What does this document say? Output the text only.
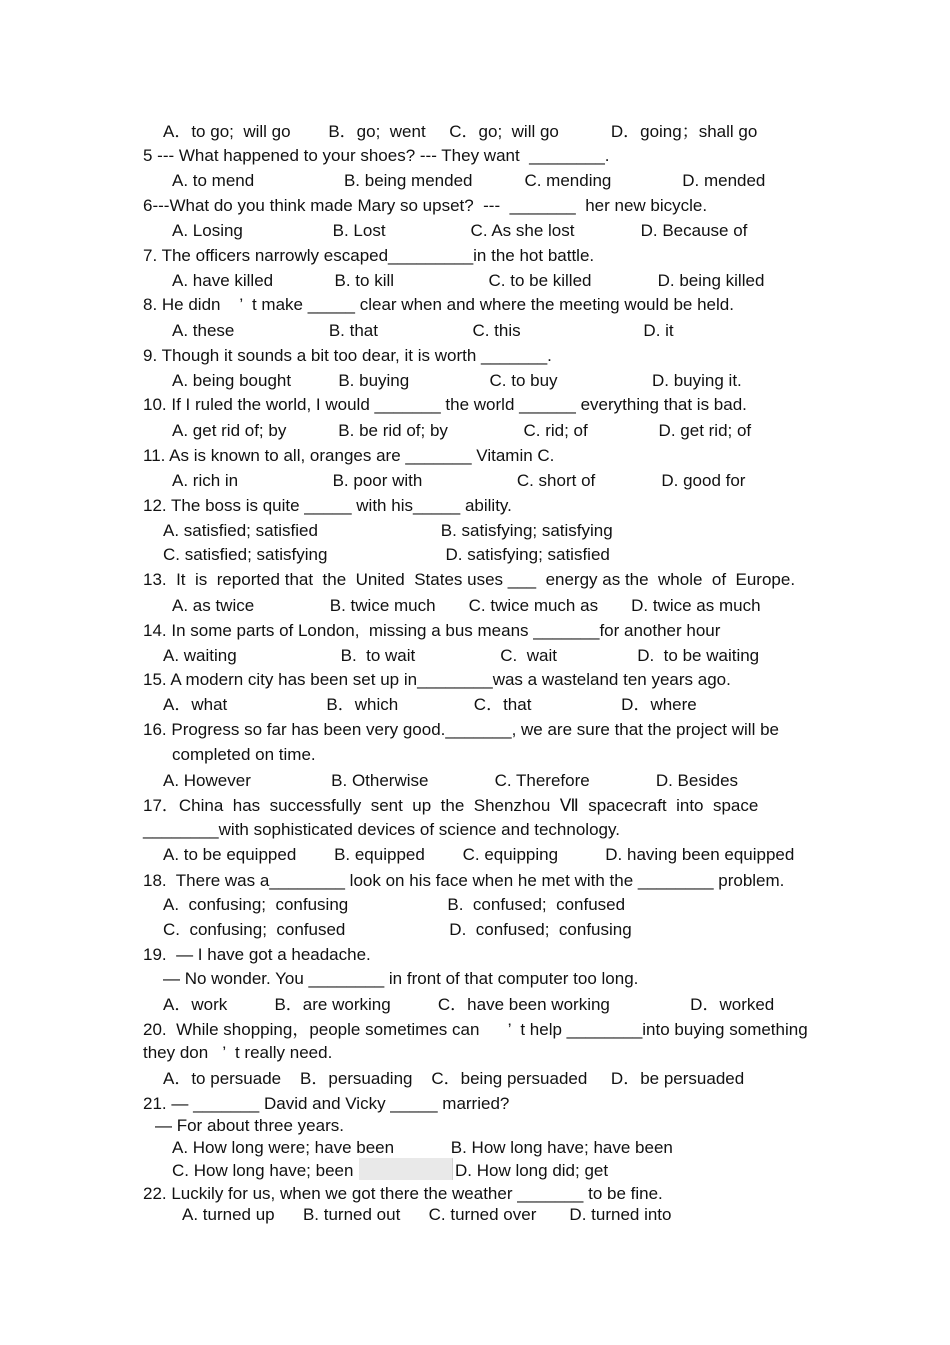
A．to go;  will go        B．go;  went     C．go;  will go           D．going；shall go
5 --- What happened to your shoes? --- They want  ________.
A. to mend                   B. being mended           C. mending               D. mended
6---What do you think made Mary so upset?  ---  _______  her new bicycle.
A. Losing                   B. Lost                  C. As she lost              D. Because of
7. The officers narrowly escaped_________in the hot battle.
A. have killed             B. to kill                    C. to be killed              D. being killed
8. He didn    ’  t make _____ clear when and where the meeting would be held.
A. these                    B. that                    C. this                          D. it
9. Though it sounds a bit too dear, it is worth _______.
A. being bought          B. buying                 C. to buy                    D. buying it.
10. If I ruled the world, I would _______ the world ______ everything that is bad.
A. get rid of; by           B. be rid of; by                C. rid; of               D. get rid; of
11. As is known to all, oranges are _______ Vitamin C.
A. rich in                    B. poor with                    C. short of              D. good for
12. The boss is quite _____ with his_____ ability.
A. satisfied; satisfied                          B. satisfying; satisfying
C. satisfied; satisfying                         D. satisfying; satisfied
13.  It  is  reported that  the  United  States uses ___  energy as the  whole  of  Europe.
A. as twice                B. twice much       C. twice much as       D. twice as much
14. In some parts of London,  missing a bus means _______for another hour
A. waiting                      B.  to wait                  C.  wait                 D.  to be waiting
15. A modern city has been set up in________was a wasteland ten years ago.
A．what                     B．which                C．that                   D．where
16. Progress so far has been very good._______, we are sure that the project will be
completed on time.
A. However                 B. Otherwise              C. Therefore              D. Besides
17．China  has  successfully  sent  up  the  Shenzhou  Ⅶ  spacecraft  into  space
________with sophisticated devices of science and technology.
A. to be equipped        B. equipped        C. equipping          D. having been equipped
18.  There was a________ look on his face when he met with the ________ problem.
A.  confusing;  confusing                     B.  confused;  confused
C.  confusing;  confused                      D.  confused;  confusing
19.  — I have got a headache.
— No wonder. You ________ in front of that computer too long.
A．work          B．are working          C．have been working                 D．worked
20.  While shopping，people sometimes can      ’  t help ________into buying something
they don   ’  t really need.
A．to persuade    B．persuading    C．being persuaded     D．be persuaded
21. — _______ David and Vicky _____ married?
— For about three years.
A. How long were; have been            B. How long have; have been
C. How long have; been	D. How long did; get
22. Luckily for us, when we got there the weather _______ to be fine.
A. turned up      B. turned out      C. turned over       D. turned into
